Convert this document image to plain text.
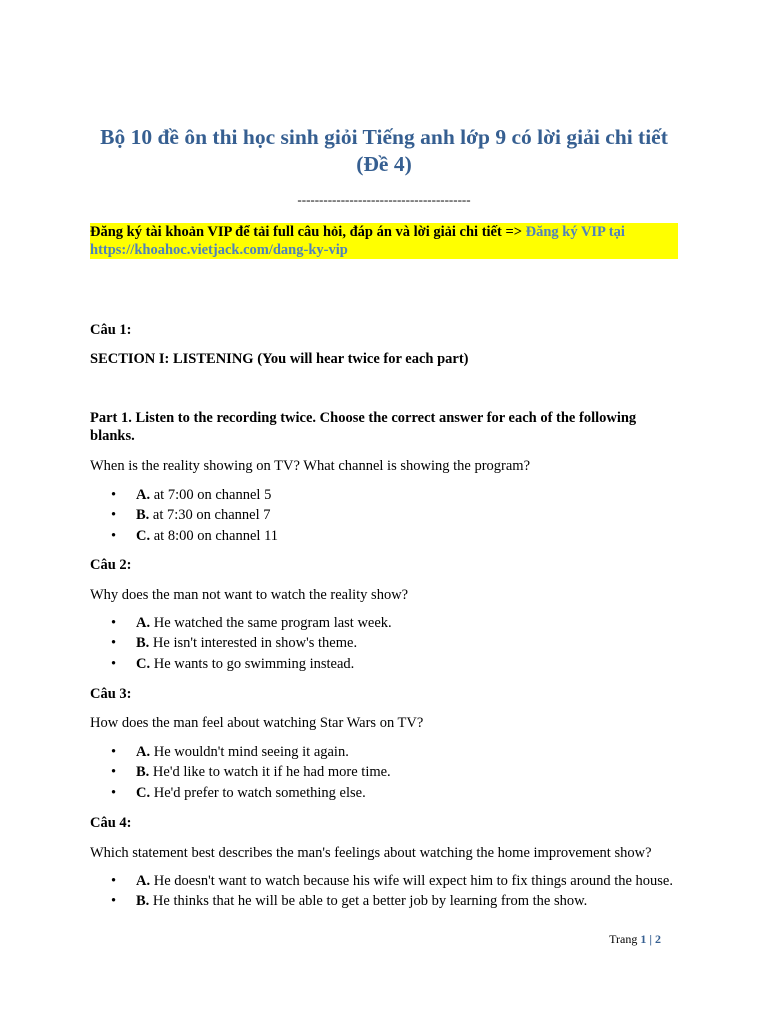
Bộ 10 đề ôn thi học sinh giỏi Tiếng anh lớp 9 có lời giải chi tiết (Đề 4)
----------------------------------------
Đăng ký tài khoản VIP để tải full câu hỏi, đáp án và lời giải chi tiết => Đăng ký VIP tại https://khoahoc.vietjack.com/dang-ky-vip
Câu 1:
SECTION I: LISTENING (You will hear twice for each part)
Part 1. Listen to the recording twice. Choose the correct answer for each of the following blanks.
When is the reality showing on TV? What channel is showing the program?
• A. at 7:00 on channel 5
• B. at 7:30 on channel 7
• C. at 8:00 on channel 11
Câu 2:
Why does the man not want to watch the reality show?
• A. He watched the same program last week.
• B. He isn't interested in show's theme.
• C. He wants to go swimming instead.
Câu 3:
How does the man feel about watching Star Wars on TV?
• A. He wouldn't mind seeing it again.
• B. He'd like to watch it if he had more time.
• C. He'd prefer to watch something else.
Câu 4:
Which statement best describes the man's feelings about watching the home improvement show?
• A. He doesn't want to watch because his wife will expect him to fix things around the house.
• B. He thinks that he will be able to get a better job by learning from the show.
Trang 1 | 2
